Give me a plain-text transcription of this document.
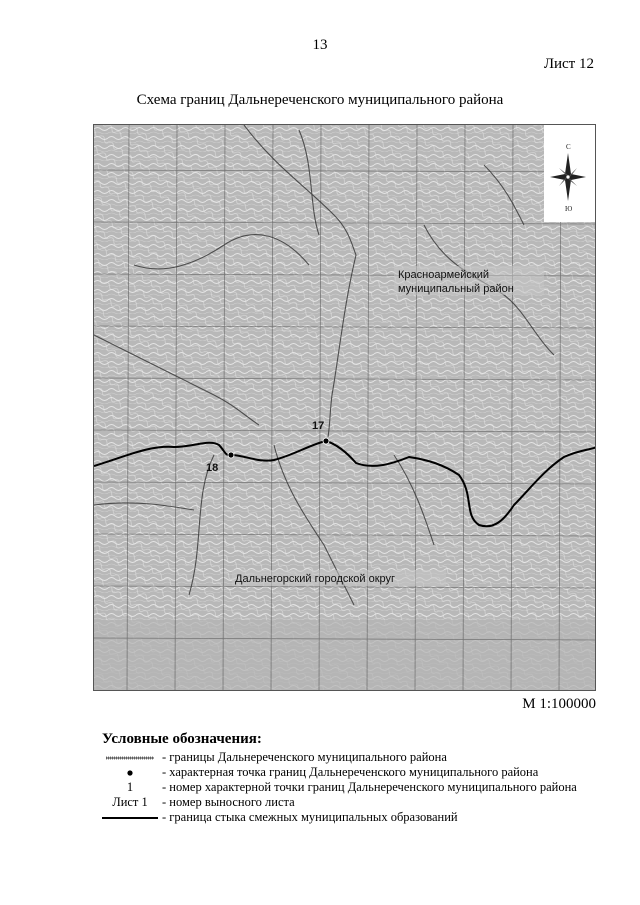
13
Лист 12
Схема границ Дальнереченского муниципального района
17
18
Красноармейский
муниципальный район
Дальнегорский городской округ
С
Ю
М 1:100000
Условные обозначения:
- границы Дальнереченского муниципального района
- характерная точка границ Дальнереченского муниципального района
1	- номер характерной точки границ Дальнереченского муниципального района
Лист 1	- номер выносного листа
- граница стыка смежных муниципальных образований
